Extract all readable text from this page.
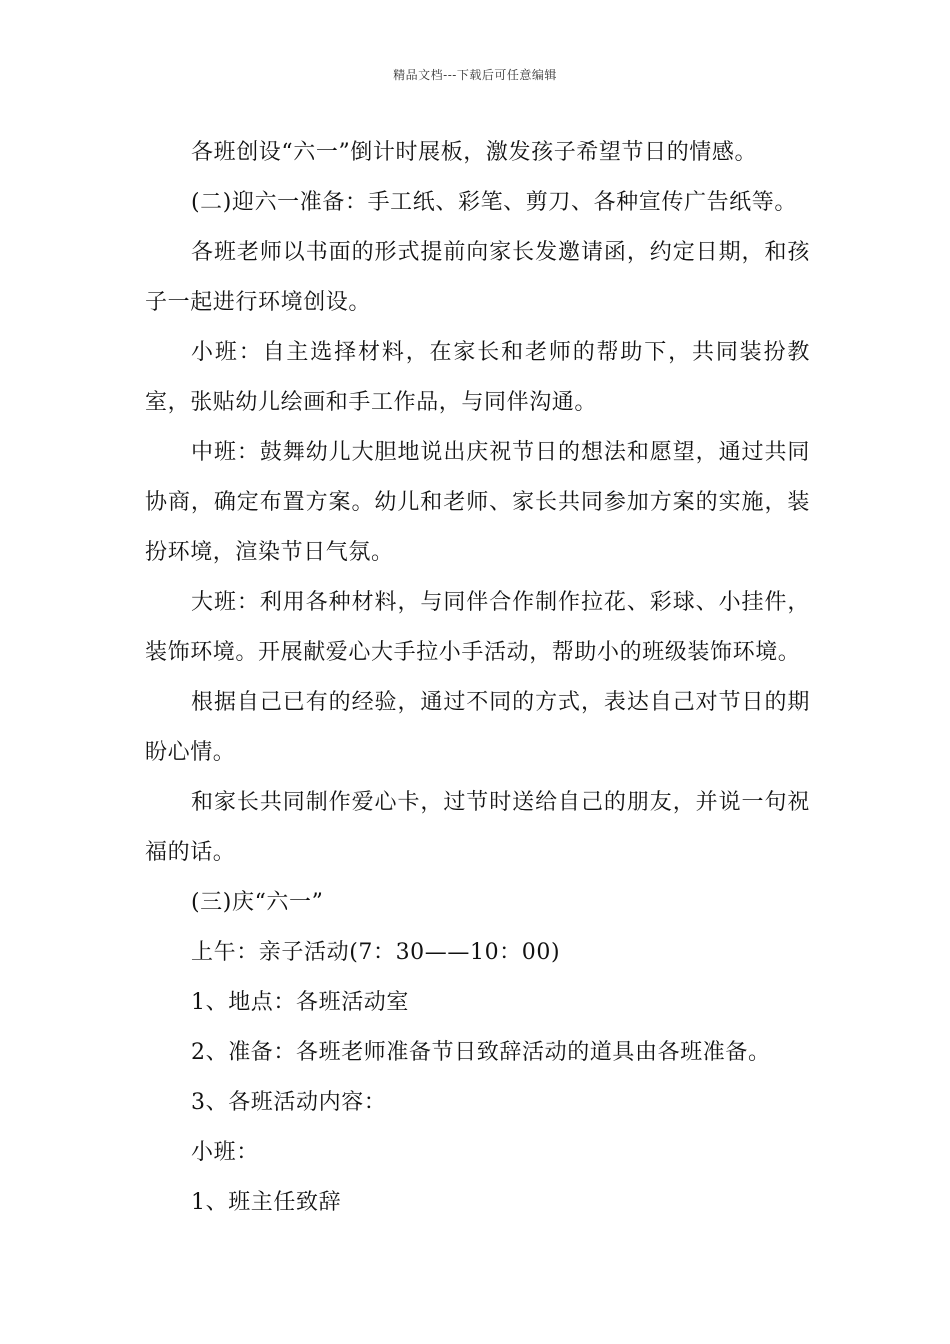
精品文档---下载后可任意编辑

各班创设“六一”倒计时展板，激发孩子希望节日的情感。

(二)迎六一准备：手工纸、彩笔、剪刀、各种宣传广告纸等。

各班老师以书面的形式提前向家长发邀请函，约定日期，和孩子一起进行环境创设。

小班：自主选择材料，在家长和老师的帮助下，共同装扮教室，张贴幼儿绘画和手工作品，与同伴沟通。

中班：鼓舞幼儿大胆地说出庆祝节日的想法和愿望，通过共同协商，确定布置方案。幼儿和老师、家长共同参加方案的实施，装扮环境，渲染节日气氛。

大班：利用各种材料，与同伴合作制作拉花、彩球、小挂件，装饰环境。开展献爱心大手拉小手活动，帮助小的班级装饰环境。

根据自己已有的经验，通过不同的方式，表达自己对节日的期盼心情。

和家长共同制作爱心卡，过节时送给自己的朋友，并说一句祝福的话。

(三)庆“六一”

上午：亲子活动(7：30——10：00)

1、地点：各班活动室

2、准备：各班老师准备节日致辞活动的道具由各班准备。

3、各班活动内容：

小班：

1、班主任致辞
